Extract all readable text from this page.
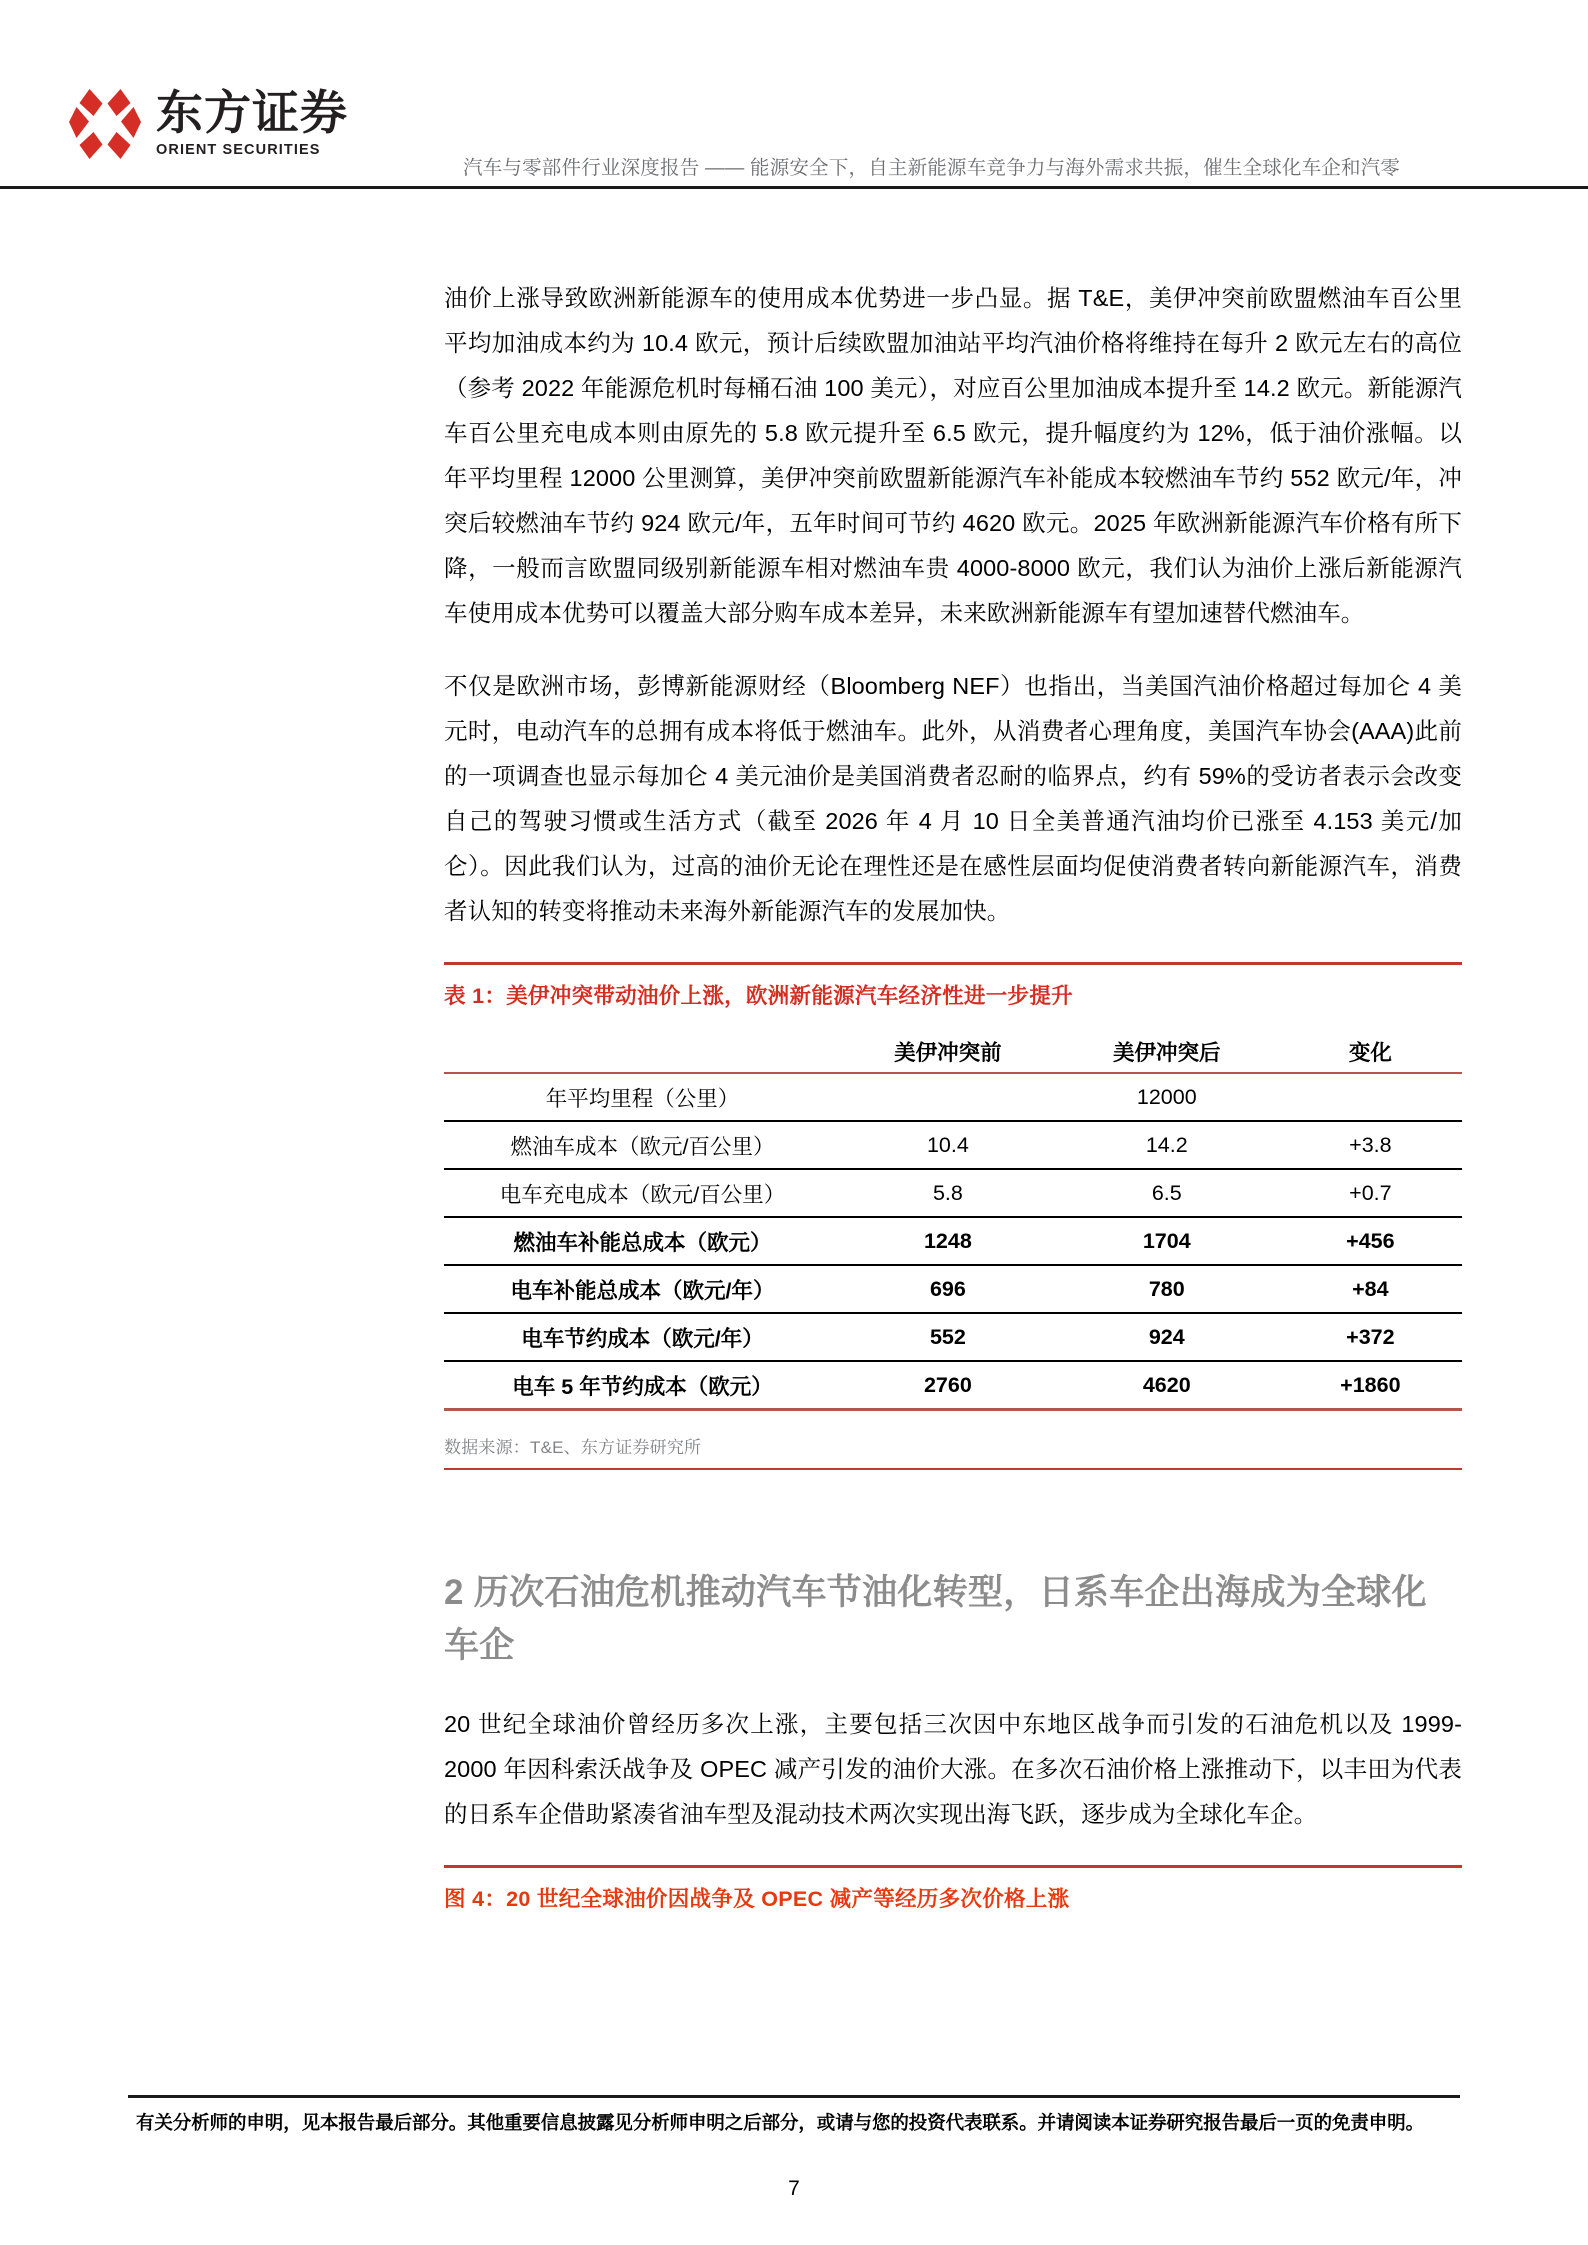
东方证券
ORIENT SECURITIES
汽车与零部件行业深度报告 —— 能源安全下，自主新能源车竞争力与海外需求共振，催生全球化车企和汽零

油价上涨导致欧洲新能源车的使用成本优势进一步凸显。据 T&E，美伊冲突前欧盟燃油车百公里平均加油成本约为 10.4 欧元，预计后续欧盟加油站平均汽油价格将维持在每升 2 欧元左右的高位（参考 2022 年能源危机时每桶石油 100 美元），对应百公里加油成本提升至 14.2 欧元。新能源汽车百公里充电成本则由原先的 5.8 欧元提升至 6.5 欧元，提升幅度约为 12%，低于油价涨幅。以年平均里程 12000 公里测算，美伊冲突前欧盟新能源汽车补能成本较燃油车节约 552 欧元/年，冲突后较燃油车节约 924 欧元/年，五年时间可节约 4620 欧元。2025 年欧洲新能源汽车价格有所下降，一般而言欧盟同级别新能源车相对燃油车贵 4000-8000 欧元，我们认为油价上涨后新能源汽车使用成本优势可以覆盖大部分购车成本差异，未来欧洲新能源车有望加速替代燃油车。

不仅是欧洲市场，彭博新能源财经（Bloomberg NEF）也指出，当美国汽油价格超过每加仑 4 美元时，电动汽车的总拥有成本将低于燃油车。此外，从消费者心理角度，美国汽车协会(AAA)此前的一项调查也显示每加仑 4 美元油价是美国消费者忍耐的临界点，约有 59%的受访者表示会改变自己的驾驶习惯或生活方式（截至 2026 年 4 月 10 日全美普通汽油均价已涨至 4.153 美元/加仑）。因此我们认为，过高的油价无论在理性还是在感性层面均促使消费者转向新能源汽车，消费者认知的转变将推动未来海外新能源汽车的发展加快。

表 1：美伊冲突带动油价上涨，欧洲新能源汽车经济性进一步提升
	美伊冲突前	美伊冲突后	变化
年平均里程（公里）		12000	
燃油车成本（欧元/百公里）	10.4	14.2	+3.8
电车充电成本（欧元/百公里）	5.8	6.5	+0.7
燃油车补能总成本（欧元）	1248	1704	+456
电车补能总成本（欧元/年）	696	780	+84
电车节约成本（欧元/年）	552	924	+372
电车 5 年节约成本（欧元）	2760	4620	+1860
数据来源：T&E、东方证券研究所
2 历次石油危机推动汽车节油化转型，日系车企出海成为全球化车企

20 世纪全球油价曾经历多次上涨，主要包括三次因中东地区战争而引发的石油危机以及 1999-2000 年因科索沃战争及 OPEC 减产引发的油价大涨。在多次石油价格上涨推动下，以丰田为代表的日系车企借助紧凑省油车型及混动技术两次实现出海飞跃，逐步成为全球化车企。

图 4：20 世纪全球油价因战争及 OPEC 减产等经历多次价格上涨
有关分析师的申明，见本报告最后部分。其他重要信息披露见分析师申明之后部分，或请与您的投资代表联系。并请阅读本证券研究报告最后一页的免责申明。
7
